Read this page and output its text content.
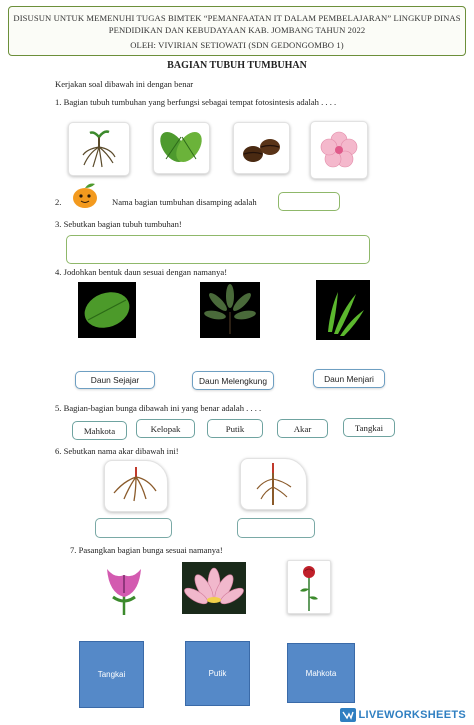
DISUSUN UNTUK MEMENUHI TUGAS BIMTEK “PEMANFAATAN IT DALAM PEMBELAJARAN” LINGKUP DINAS
PENDIDIKAN DAN KEBUDAYAAN KAB. JOMBANG TAHUN 2022
OLEH: VIVIRIAN SETIOWATI (SDN GEDONGOMBO 1)
BAGIAN TUBUH TUMBUHAN
Kerjakan soal dibawah ini dengan benar
1. Bagian tubuh tumbuhan yang berfungsi sebagai tempat fotosintesis adalah . . . .
2.	Nama bagian tumbuhan disamping adalah
3. Sebutkan bagian tubuh tumbuhan!
4. Jodohkan bentuk daun sesuai dengan namanya!
Daun Sejajar	Daun Melengkung	Daun Menjari
5. Bagian-bagian bunga dibawah ini yang benar adalah . . . .
Mahkota	Kelopak	Putik	Akar	Tangkai
6. Sebutkan nama akar dibawah ini!
7. Pasangkan bagian bunga sesuai namanya!
Tangkai	Putik	Mahkota
LIVEWORKSHEETS
